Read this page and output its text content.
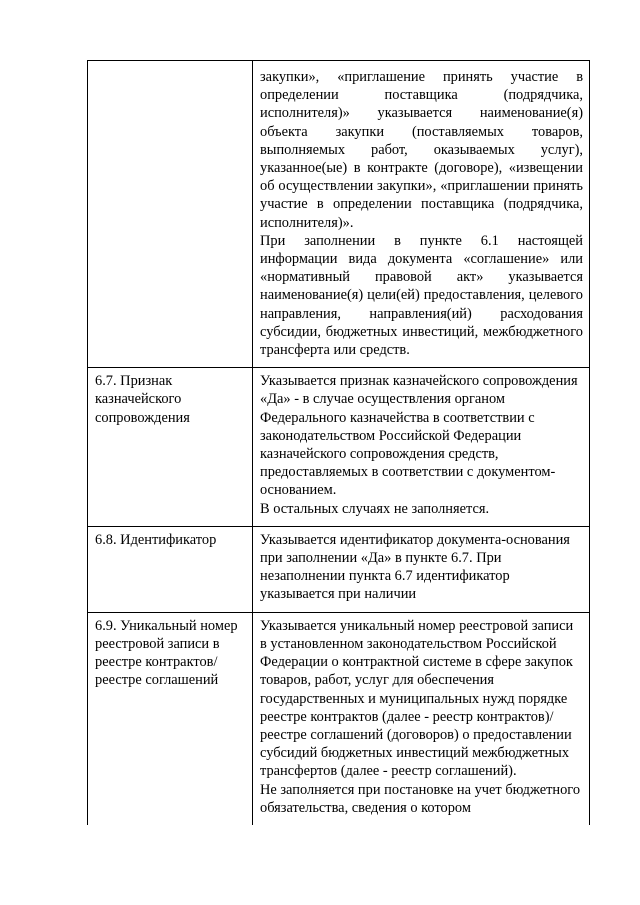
	закупки», «приглашение принять участие в определении поставщика (подрядчика, исполнителя)» указывается наименование(я) объекта закупки (поставляемых товаров, выполняемых работ, оказываемых услуг), указанное(ые) в контракте (договоре), «извещении об осуществлении закупки», «приглашении принять участие в определении поставщика (подрядчика, исполнителя)».

При заполнении в пункте 6.1 настоящей информации вида документа «соглашение» или «нормативный правовой акт» указывается наименование(я) цели(ей) предоставления, целевого направления, направления(ий) расходования субсидии, бюджетных инвестиций, межбюджетного трансферта или средств.

6.7. Признак казначейского сопровождения	Указывается признак казначейского сопровождения «Да» - в случае осуществления органом Федерального казначейства в соответствии с законодательством Российской Федерации казначейского сопровождения средств, предоставляемых в соответствии с документом-основанием.

В остальных случаях не заполняется.

6.8. Идентификатор	Указывается идентификатор документа-основания при заполнении «Да» в пункте 6.7. При незаполнении пункта 6.7 идентификатор указывается при наличии

6.9. Уникальный номер реестровой записи в реестре контрактов/реестре соглашений	Указывается уникальный номер реестровой записи в установленном законодательством Российской Федерации о контрактной системе в сфере закупок товаров, работ, услуг для обеспечения государственных и муниципальных нужд порядке реестре контрактов (далее - реестр контрактов)/реестре соглашений (договоров) о предоставлении субсидий бюджетных инвестиций межбюджетных трансфертов (далее - реестр соглашений).

Не заполняется при постановке на учет бюджетного обязательства, сведения о котором
